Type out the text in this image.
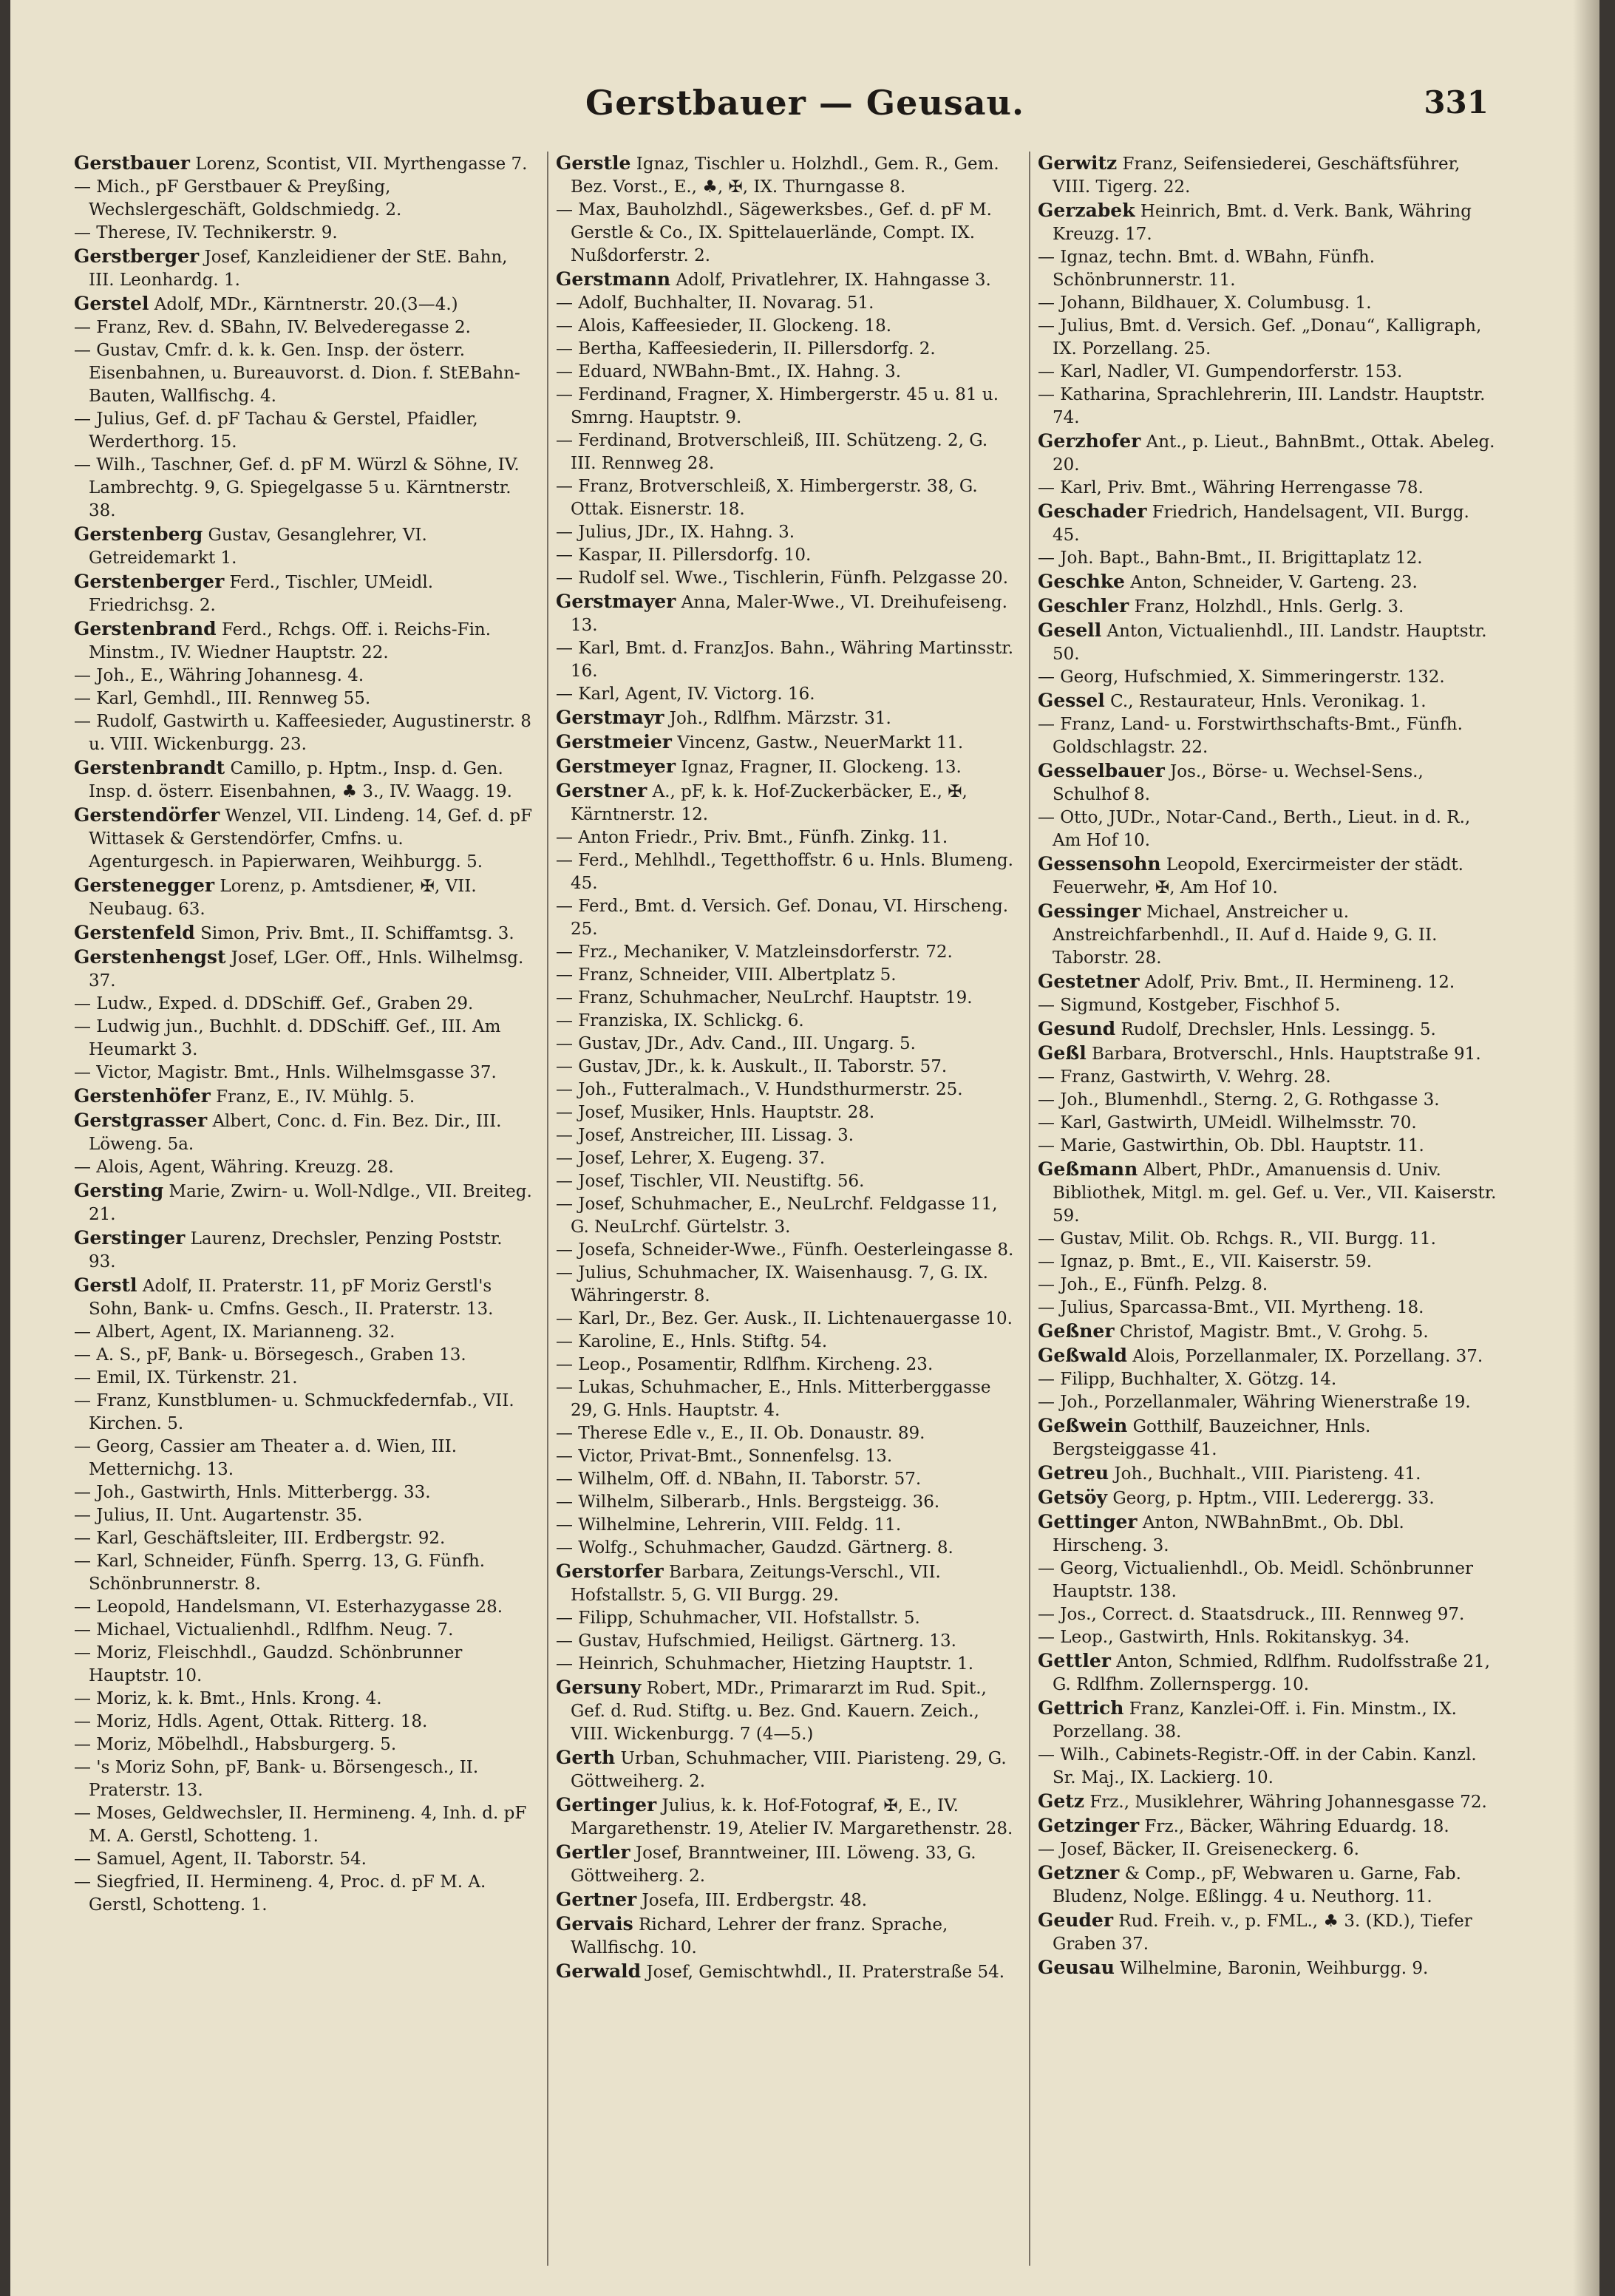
Gerstbauer — Geusau.	331

Gerstbauer Lorenz, Scontist, VII. Myrthengasse 7.

— Mich., pF Gerstbauer & Preyßing, Wechslergeschäft, Goldschmiedg. 2.

— Therese, IV. Technikerstr. 9.

Gerstberger Josef, Kanzleidiener der StE. Bahn, III. Leonhardg. 1.

Gerstel Adolf, MDr., Kärntnerstr. 20.(3—4.)

— Franz, Rev. d. SBahn, IV. Belvederegasse 2.

— Gustav, Cmfr. d. k. k. Gen. Insp. der österr. Eisenbahnen, u. Bureauvorst. d. Dion. f. StEBahn-Bauten, Wallfischg. 4.

— Julius, Gef. d. pF Tachau & Gerstel, Pfaidler, Werderthorg. 15.

— Wilh., Taschner, Gef. d. pF M. Würzl & Söhne, IV. Lambrechtg. 9, G. Spiegelgasse 5 u. Kärntnerstr. 38.

Gerstenberg Gustav, Gesanglehrer, VI. Getreidemarkt 1.

Gerstenberger Ferd., Tischler, UMeidl. Friedrichsg. 2.

Gerstenbrand Ferd., Rchgs. Off. i. Reichs-Fin. Minstm., IV. Wiedner Hauptstr. 22.

— Joh., E., Währing Johannesg. 4.

— Karl, Gemhdl., III. Rennweg 55.

— Rudolf, Gastwirth u. Kaffeesieder, Augustinerstr. 8 u. VIII. Wickenburgg. 23.

Gerstenbrandt Camillo, p. Hptm., Insp. d. Gen. Insp. d. österr. Eisenbahnen, ♣ 3., IV. Waagg. 19.

Gerstendörfer Wenzel, VII. Lindeng. 14, Gef. d. pF Wittasek & Gerstendörfer, Cmfns. u. Agenturgesch. in Papierwaren, Weihburgg. 5.

Gerstenegger Lorenz, p. Amtsdiener, ✠, VII. Neubaug. 63.

Gerstenfeld Simon, Priv. Bmt., II. Schiffamtsg. 3.

Gerstenhengst Josef, LGer. Off., Hnls. Wilhelmsg. 37.

— Ludw., Exped. d. DDSchiff. Gef., Graben 29.

— Ludwig jun., Buchhlt. d. DDSchiff. Gef., III. Am Heumarkt 3.

— Victor, Magistr. Bmt., Hnls. Wilhelmsgasse 37.

Gerstenhöfer Franz, E., IV. Mühlg. 5.

Gerstgrasser Albert, Conc. d. Fin. Bez. Dir., III. Löweng. 5a.

— Alois, Agent, Währing. Kreuzg. 28.

Gersting Marie, Zwirn- u. Woll-Ndlge., VII. Breiteg. 21.

Gerstinger Laurenz, Drechsler, Penzing Poststr. 93.

Gerstl Adolf, II. Praterstr. 11, pF Moriz Gerstl's Sohn, Bank- u. Cmfns. Gesch., II. Praterstr. 13.

— Albert, Agent, IX. Marianneng. 32.

— A. S., pF, Bank- u. Börsegesch., Graben 13.

— Emil, IX. Türkenstr. 21.

— Franz, Kunstblumen- u. Schmuckfedernfab., VII. Kirchen. 5.

— Georg, Cassier am Theater a. d. Wien, III. Metternichg. 13.

— Joh., Gastwirth, Hnls. Mitterbergg. 33.

— Julius, II. Unt. Augartenstr. 35.

— Karl, Geschäftsleiter, III. Erdbergstr. 92.

— Karl, Schneider, Fünfh. Sperrg. 13, G. Fünfh. Schönbrunnerstr. 8.

— Leopold, Handelsmann, VI. Esterhazygasse 28.

— Michael, Victualienhdl., Rdlfhm. Neug. 7.

— Moriz, Fleischhdl., Gaudzd. Schönbrunner Hauptstr. 10.

— Moriz, k. k. Bmt., Hnls. Krong. 4.

— Moriz, Hdls. Agent, Ottak. Ritterg. 18.

— Moriz, Möbelhdl., Habsburgerg. 5.

— 's Moriz Sohn, pF, Bank- u. Börsengesch., II. Praterstr. 13.

— Moses, Geldwechsler, II. Hermineng. 4, Inh. d. pF M. A. Gerstl, Schotteng. 1.

— Samuel, Agent, II. Taborstr. 54.

— Siegfried, II. Hermineng. 4, Proc. d. pF M. A. Gerstl, Schotteng. 1.

Gerstle Ignaz, Tischler u. Holzhdl., Gem. R., Gem. Bez. Vorst., E., ♣, ✠, IX. Thurngasse 8.

— Max, Bauholzhdl., Sägewerksbes., Gef. d. pF M. Gerstle & Co., IX. Spittelauerlände, Compt. IX. Nußdorferstr. 2.

Gerstmann Adolf, Privatlehrer, IX. Hahngasse 3.

— Adolf, Buchhalter, II. Novarag. 51.

— Alois, Kaffeesieder, II. Glockeng. 18.

— Bertha, Kaffeesiederin, II. Pillersdorfg. 2.

— Eduard, NWBahn-Bmt., IX. Hahng. 3.

— Ferdinand, Fragner, X. Himbergerstr. 45 u. 81 u. Smrng. Hauptstr. 9.

— Ferdinand, Brotverschleiß, III. Schützeng. 2, G. III. Rennweg 28.

— Franz, Brotverschleiß, X. Himbergerstr. 38, G. Ottak. Eisnerstr. 18.

— Julius, JDr., IX. Hahng. 3.

— Kaspar, II. Pillersdorfg. 10.

— Rudolf sel. Wwe., Tischlerin, Fünfh. Pelzgasse 20.

Gerstmayer Anna, Maler-Wwe., VI. Dreihufeiseng. 13.

— Karl, Bmt. d. FranzJos. Bahn., Währing Martinsstr. 16.

— Karl, Agent, IV. Victorg. 16.

Gerstmayr Joh., Rdlfhm. Märzstr. 31.

Gerstmeier Vincenz, Gastw., NeuerMarkt 11.

Gerstmeyer Ignaz, Fragner, II. Glockeng. 13.

Gerstner A., pF, k. k. Hof-Zuckerbäcker, E., ✠, Kärntnerstr. 12.

— Anton Friedr., Priv. Bmt., Fünfh. Zinkg. 11.

— Ferd., Mehlhdl., Tegetthoffstr. 6 u. Hnls. Blumeng. 45.

— Ferd., Bmt. d. Versich. Gef. Donau, VI. Hirscheng. 25.

— Frz., Mechaniker, V. Matzleinsdorferstr. 72.

— Franz, Schneider, VIII. Albertplatz 5.

— Franz, Schuhmacher, NeuLrchf. Hauptstr. 19.

— Franziska, IX. Schlickg. 6.

— Gustav, JDr., Adv. Cand., III. Ungarg. 5.

— Gustav, JDr., k. k. Auskult., II. Taborstr. 57.

— Joh., Futteralmach., V. Hundsthurmerstr. 25.

— Josef, Musiker, Hnls. Hauptstr. 28.

— Josef, Anstreicher, III. Lissag. 3.

— Josef, Lehrer, X. Eugeng. 37.

— Josef, Tischler, VII. Neustiftg. 56.

— Josef, Schuhmacher, E., NeuLrchf. Feldgasse 11, G. NeuLrchf. Gürtelstr. 3.

— Josefa, Schneider-Wwe., Fünfh. Oesterleingasse 8.

— Julius, Schuhmacher, IX. Waisenhausg. 7, G. IX. Währingerstr. 8.

— Karl, Dr., Bez. Ger. Ausk., II. Lichtenauergasse 10.

— Karoline, E., Hnls. Stiftg. 54.

— Leop., Posamentir, Rdlfhm. Kircheng. 23.

— Lukas, Schuhmacher, E., Hnls. Mitterberggasse 29, G. Hnls. Hauptstr. 4.

— Therese Edle v., E., II. Ob. Donaustr. 89.

— Victor, Privat-Bmt., Sonnenfelsg. 13.

— Wilhelm, Off. d. NBahn, II. Taborstr. 57.

— Wilhelm, Silberarb., Hnls. Bergsteigg. 36.

— Wilhelmine, Lehrerin, VIII. Feldg. 11.

— Wolfg., Schuhmacher, Gaudzd. Gärtnerg. 8.

Gerstorfer Barbara, Zeitungs-Verschl., VII. Hofstallstr. 5, G. VII Burgg. 29.

— Filipp, Schuhmacher, VII. Hofstallstr. 5.

— Gustav, Hufschmied, Heiligst. Gärtnerg. 13.

— Heinrich, Schuhmacher, Hietzing Hauptstr. 1.

Gersuny Robert, MDr., Primararzt im Rud. Spit., Gef. d. Rud. Stiftg. u. Bez. Gnd. Kauern. Zeich., VIII. Wickenburgg. 7 (4—5.)

Gerth Urban, Schuhmacher, VIII. Piaristeng. 29, G. Göttweiherg. 2.

Gertinger Julius, k. k. Hof-Fotograf, ✠, E., IV. Margarethenstr. 19, Atelier IV. Margarethenstr. 28.

Gertler Josef, Branntweiner, III. Löweng. 33, G. Göttweiherg. 2.

Gertner Josefa, III. Erdbergstr. 48.

Gervais Richard, Lehrer der franz. Sprache, Wallfischg. 10.

Gerwald Josef, Gemischtwhdl., II. Praterstraße 54.

Gerwitz Franz, Seifensiederei, Geschäftsführer, VIII. Tigerg. 22.

Gerzabek Heinrich, Bmt. d. Verk. Bank, Währing Kreuzg. 17.

— Ignaz, techn. Bmt. d. WBahn, Fünfh. Schönbrunnerstr. 11.

— Johann, Bildhauer, X. Columbusg. 1.

— Julius, Bmt. d. Versich. Gef. „Donau“, Kalligraph, IX. Porzellang. 25.

— Karl, Nadler, VI. Gumpendorferstr. 153.

— Katharina, Sprachlehrerin, III. Landstr. Hauptstr. 74.

Gerzhofer Ant., p. Lieut., BahnBmt., Ottak. Abeleg. 20.

— Karl, Priv. Bmt., Währing Herrengasse 78.

Geschader Friedrich, Handelsagent, VII. Burgg. 45.

— Joh. Bapt., Bahn-Bmt., II. Brigittaplatz 12.

Geschke Anton, Schneider, V. Garteng. 23.

Geschler Franz, Holzhdl., Hnls. Gerlg. 3.

Gesell Anton, Victualienhdl., III. Landstr. Hauptstr. 50.

— Georg, Hufschmied, X. Simmeringerstr. 132.

Gessel C., Restaurateur, Hnls. Veronikag. 1.

— Franz, Land- u. Forstwirthschafts-Bmt., Fünfh. Goldschlagstr. 22.

Gesselbauer Jos., Börse- u. Wechsel-Sens., Schulhof 8.

— Otto, JUDr., Notar-Cand., Berth., Lieut. in d. R., Am Hof 10.

Gessensohn Leopold, Exercirmeister der städt. Feuerwehr, ✠, Am Hof 10.

Gessinger Michael, Anstreicher u. Anstreichfarbenhdl., II. Auf d. Haide 9, G. II. Taborstr. 28.

Gestetner Adolf, Priv. Bmt., II. Hermineng. 12.

— Sigmund, Kostgeber, Fischhof 5.

Gesund Rudolf, Drechsler, Hnls. Lessingg. 5.

Geßl Barbara, Brotverschl., Hnls. Hauptstraße 91.

— Franz, Gastwirth, V. Wehrg. 28.

— Joh., Blumenhdl., Sterng. 2, G. Rothgasse 3.

— Karl, Gastwirth, UMeidl. Wilhelmsstr. 70.

— Marie, Gastwirthin, Ob. Dbl. Hauptstr. 11.

Geßmann Albert, PhDr., Amanuensis d. Univ. Bibliothek, Mitgl. m. gel. Gef. u. Ver., VII. Kaiserstr. 59.

— Gustav, Milit. Ob. Rchgs. R., VII. Burgg. 11.

— Ignaz, p. Bmt., E., VII. Kaiserstr. 59.

— Joh., E., Fünfh. Pelzg. 8.

— Julius, Sparcassa-Bmt., VII. Myrtheng. 18.

Geßner Christof, Magistr. Bmt., V. Grohg. 5.

Geßwald Alois, Porzellanmaler, IX. Porzellang. 37.

— Filipp, Buchhalter, X. Götzg. 14.

— Joh., Porzellanmaler, Währing Wienerstraße 19.

Geßwein Gotthilf, Bauzeichner, Hnls. Bergsteiggasse 41.

Getreu Joh., Buchhalt., VIII. Piaristeng. 41.

Getsöy Georg, p. Hptm., VIII. Lederergg. 33.

Gettinger Anton, NWBahnBmt., Ob. Dbl. Hirscheng. 3.

— Georg, Victualienhdl., Ob. Meidl. Schönbrunner Hauptstr. 138.

— Jos., Correct. d. Staatsdruck., III. Rennweg 97.

— Leop., Gastwirth, Hnls. Rokitanskyg. 34.

Gettler Anton, Schmied, Rdlfhm. Rudolfsstraße 21, G. Rdlfhm. Zollernspergg. 10.

Gettrich Franz, Kanzlei-Off. i. Fin. Minstm., IX. Porzellang. 38.

— Wilh., Cabinets-Registr.-Off. in der Cabin. Kanzl. Sr. Maj., IX. Lackierg. 10.

Getz Frz., Musiklehrer, Währing Johannesgasse 72.

Getzinger Frz., Bäcker, Währing Eduardg. 18.

— Josef, Bäcker, II. Greiseneckerg. 6.

Getzner & Comp., pF, Webwaren u. Garne, Fab. Bludenz, Nolge. Eßlingg. 4 u. Neuthorg. 11.

Geuder Rud. Freih. v., p. FML., ♣ 3. (KD.), Tiefer Graben 37.

Geusau Wilhelmine, Baronin, Weihburgg. 9.
